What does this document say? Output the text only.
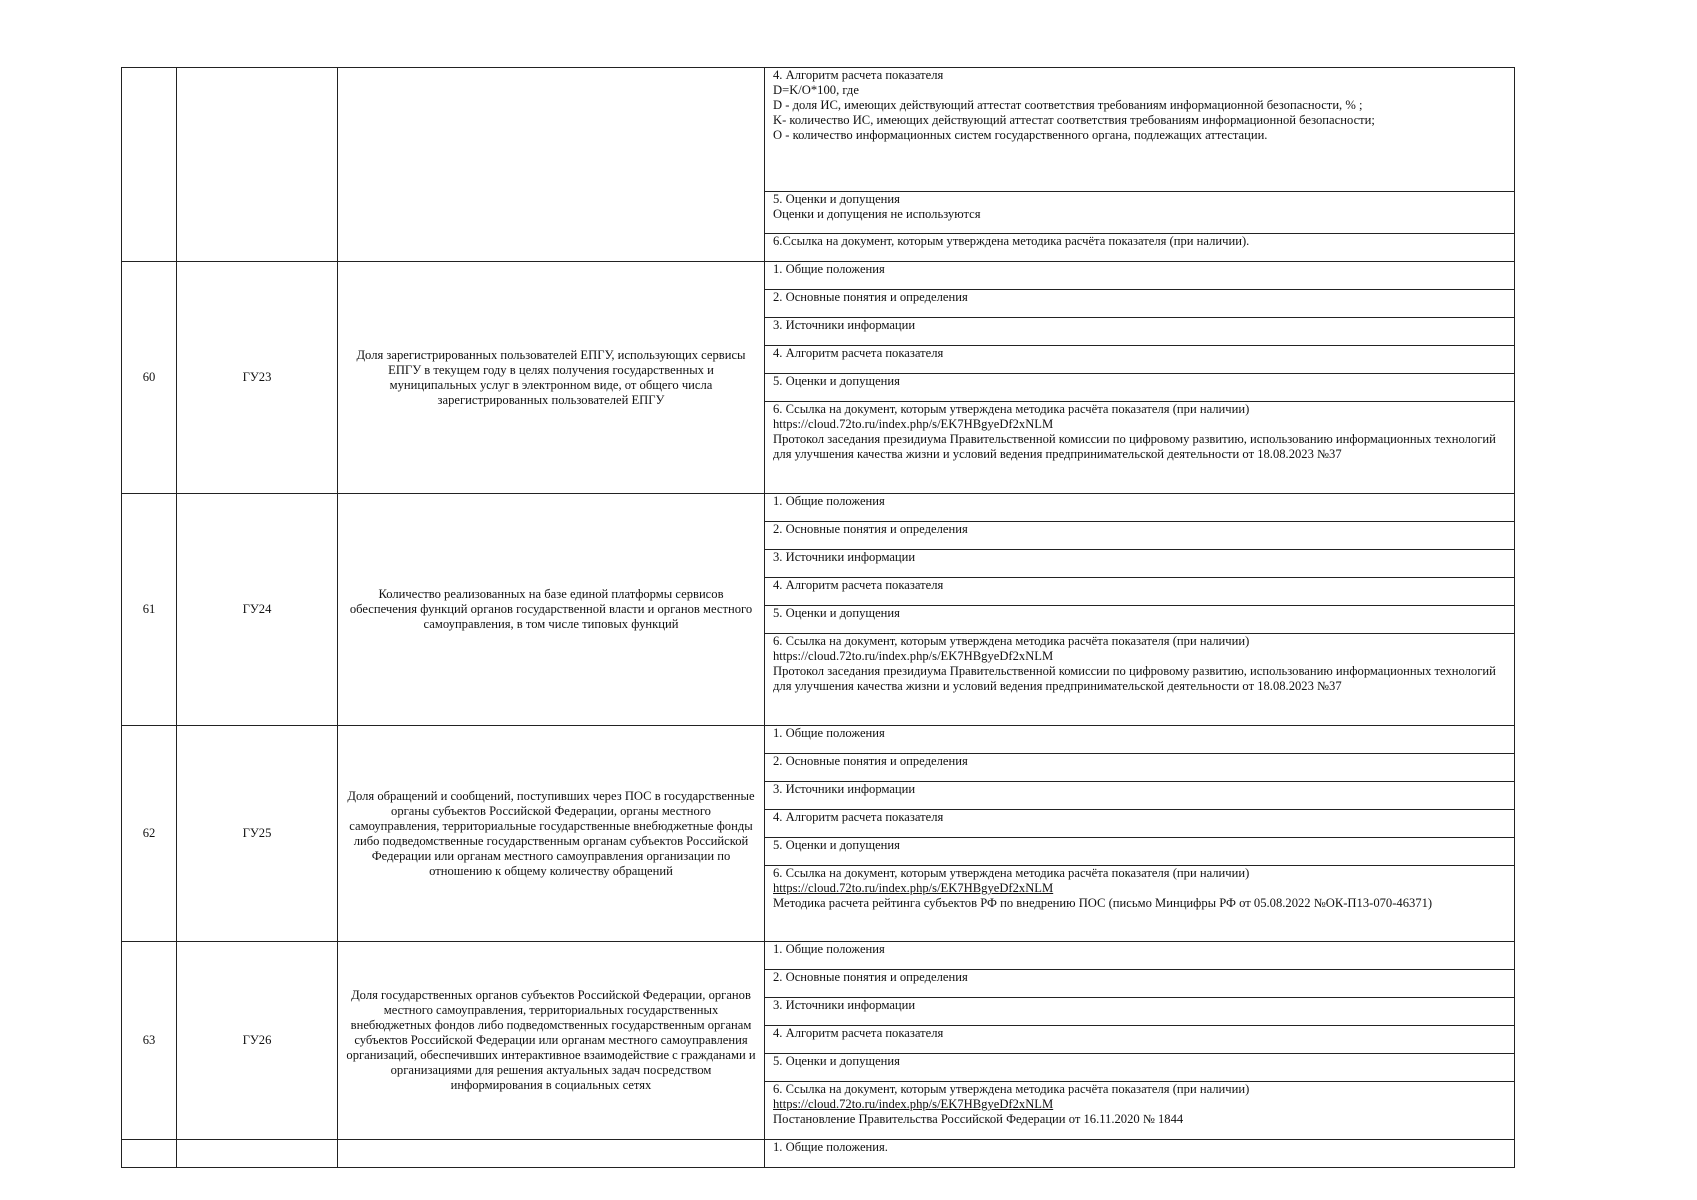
			4. Алгоритм расчета показателя
D=K/O*100, где
D - доля ИС, имеющих действующий аттестат соответствия требованиям информационной безопасности, % ;
K- количество ИС, имеющих действующий аттестат соответствия требованиям информационной безопасности;
О - количество информационных систем государственного органа, подлежащих аттестации.

			5. Оценки и допущения
Оценки и допущения не используются

			6.Ссылка на документ, которым утверждена методика расчёта показателя (при наличии).

60	ГУ23	Доля зарегистрированных пользователей ЕПГУ, использующих сервисы ЕПГУ в текущем году в целях получения государственных и муниципальных услуг в электронном виде, от общего числа зарегистрированных пользователей ЕПГУ	1. Общие положения

			2. Основные понятия и определения

			3. Источники информации

			4. Алгоритм расчета показателя

			5. Оценки и допущения

			6. Ссылка на документ, которым утверждена методика расчёта показателя (при наличии)
https://cloud.72to.ru/index.php/s/EK7HBgyeDf2xNLM
Протокол заседания президиума Правительственной комиссии по цифровому развитию, использованию информационных технологий для улучшения качества жизни и условий ведения предпринимательской деятельности от 18.08.2023 №37

61	ГУ24	Количество реализованных на базе единой платформы сервисов обеспечения функций органов государственной власти и органов местного самоуправления, в том числе типовых функций	1. Общие положения

			2. Основные понятия и определения

			3. Источники информации

			4. Алгоритм расчета показателя

			5. Оценки и допущения

			6. Ссылка на документ, которым утверждена методика расчёта показателя (при наличии)
https://cloud.72to.ru/index.php/s/EK7HBgyeDf2xNLM
Протокол заседания президиума Правительственной комиссии по цифровому развитию, использованию информационных технологий для улучшения качества жизни и условий ведения предпринимательской деятельности от 18.08.2023 №37

62	ГУ25	Доля обращений и сообщений, поступивших через ПОС в государственные органы субъектов Российской Федерации, органы местного самоуправления, территориальные государственные внебюджетные фонды либо подведомственные государственным органам субъектов Российской Федерации или органам местного самоуправления организации по отношению к общему количеству обращений	1. Общие положения

			2. Основные понятия и определения

			3. Источники информации

			4. Алгоритм расчета показателя

			5. Оценки и допущения

			6. Ссылка на документ, которым утверждена методика расчёта показателя (при наличии)
https://cloud.72to.ru/index.php/s/EK7HBgyeDf2xNLM
Методика расчета рейтинга субъектов РФ по внедрению ПОС (письмо Минцифры РФ от 05.08.2022 №ОК-П13-070-46371)

63	ГУ26	Доля государственных органов субъектов Российской Федерации, органов местного самоуправления, территориальных государственных внебюджетных фондов либо подведомственных государственным органам субъектов Российской Федерации или органам местного самоуправления организаций, обеспечивших интерактивное взаимодействие с гражданами и организациями для решения актуальных задач посредством информирования в социальных сетях	1. Общие положения

			2. Основные понятия и определения

			3. Источники информации

			4. Алгоритм расчета показателя

			5. Оценки и допущения

			6. Ссылка на документ, которым утверждена методика расчёта показателя (при наличии)
https://cloud.72to.ru/index.php/s/EK7HBgyeDf2xNLM
Постановление Правительства Российской Федерации от 16.11.2020 № 1844

			1. Общие положения.
